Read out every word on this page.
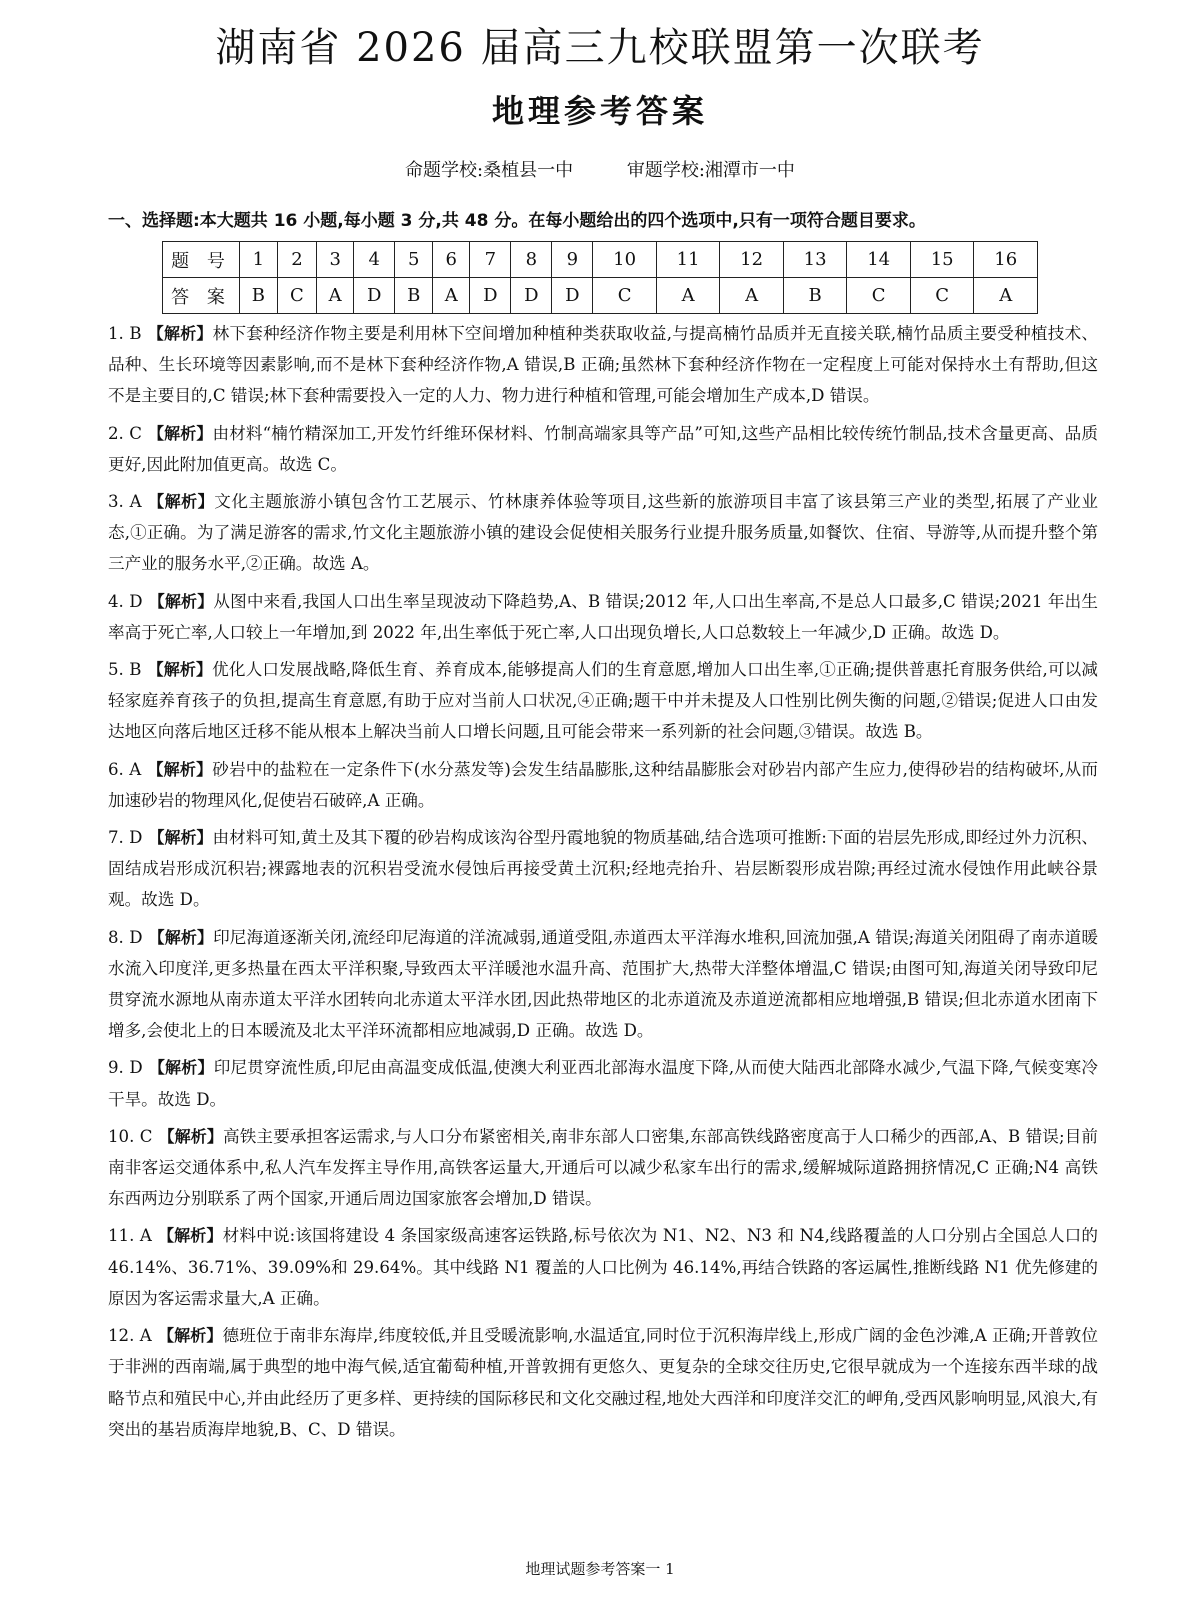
湖南省 2026 届高三九校联盟第一次联考
地理参考答案
命题学校:桑植县一中	审题学校:湘潭市一中
一、选择题:本大题共 16 小题,每小题 3 分,共 48 分。在每小题给出的四个选项中,只有一项符合题目要求。
题 号	1	2	3	4	5	6	7	8	9	10	11	12	13	14	15	16
答 案	B	C	A	D	B	A	D	D	D	C	A	A	B	C	C	A

1. B 【解析】林下套种经济作物主要是利用林下空间增加种植种类获取收益,与提高楠竹品质并无直接关联,楠竹品质主要受种植技术、品种、生长环境等因素影响,而不是林下套种经济作物,A 错误,B 正确;虽然林下套种经济作物在一定程度上可能对保持水土有帮助,但这不是主要目的,C 错误;林下套种需要投入一定的人力、物力进行种植和管理,可能会增加生产成本,D 错误。

2. C 【解析】由材料“楠竹精深加工,开发竹纤维环保材料、竹制高端家具等产品”可知,这些产品相比较传统竹制品,技术含量更高、品质更好,因此附加值更高。故选 C。

3. A 【解析】文化主题旅游小镇包含竹工艺展示、竹林康养体验等项目,这些新的旅游项目丰富了该县第三产业的类型,拓展了产业业态,①正确。为了满足游客的需求,竹文化主题旅游小镇的建设会促使相关服务行业提升服务质量,如餐饮、住宿、导游等,从而提升整个第三产业的服务水平,②正确。故选 A。

4. D 【解析】从图中来看,我国人口出生率呈现波动下降趋势,A、B 错误;2012 年,人口出生率高,不是总人口最多,C 错误;2021 年出生率高于死亡率,人口较上一年增加,到 2022 年,出生率低于死亡率,人口出现负增长,人口总数较上一年减少,D 正确。故选 D。

5. B 【解析】优化人口发展战略,降低生育、养育成本,能够提高人们的生育意愿,增加人口出生率,①正确;提供普惠托育服务供给,可以减轻家庭养育孩子的负担,提高生育意愿,有助于应对当前人口状况,④正确;题干中并未提及人口性别比例失衡的问题,②错误;促进人口由发达地区向落后地区迁移不能从根本上解决当前人口增长问题,且可能会带来一系列新的社会问题,③错误。故选 B。

6. A 【解析】砂岩中的盐粒在一定条件下(水分蒸发等)会发生结晶膨胀,这种结晶膨胀会对砂岩内部产生应力,使得砂岩的结构破坏,从而加速砂岩的物理风化,促使岩石破碎,A 正确。

7. D 【解析】由材料可知,黄土及其下覆的砂岩构成该沟谷型丹霞地貌的物质基础,结合选项可推断:下面的岩层先形成,即经过外力沉积、固结成岩形成沉积岩;裸露地表的沉积岩受流水侵蚀后再接受黄土沉积;经地壳抬升、岩层断裂形成岩隙;再经过流水侵蚀作用此峡谷景观。故选 D。

8. D 【解析】印尼海道逐渐关闭,流经印尼海道的洋流减弱,通道受阻,赤道西太平洋海水堆积,回流加强,A 错误;海道关闭阻碍了南赤道暖水流入印度洋,更多热量在西太平洋积聚,导致西太平洋暖池水温升高、范围扩大,热带大洋整体增温,C 错误;由图可知,海道关闭导致印尼贯穿流水源地从南赤道太平洋水团转向北赤道太平洋水团,因此热带地区的北赤道流及赤道逆流都相应地增强,B 错误;但北赤道水团南下增多,会使北上的日本暖流及北太平洋环流都相应地减弱,D 正确。故选 D。

9. D 【解析】印尼贯穿流性质,印尼由高温变成低温,使澳大利亚西北部海水温度下降,从而使大陆西北部降水减少,气温下降,气候变寒冷干旱。故选 D。

10. C 【解析】高铁主要承担客运需求,与人口分布紧密相关,南非东部人口密集,东部高铁线路密度高于人口稀少的西部,A、B 错误;目前南非客运交通体系中,私人汽车发挥主导作用,高铁客运量大,开通后可以减少私家车出行的需求,缓解城际道路拥挤情况,C 正确;N4 高铁东西两边分别联系了两个国家,开通后周边国家旅客会增加,D 错误。

11. A 【解析】材料中说:该国将建设 4 条国家级高速客运铁路,标号依次为 N1、N2、N3 和 N4,线路覆盖的人口分别占全国总人口的 46.14%、36.71%、39.09%和 29.64%。其中线路 N1 覆盖的人口比例为 46.14%,再结合铁路的客运属性,推断线路 N1 优先修建的原因为客运需求量大,A 正确。

12. A 【解析】德班位于南非东海岸,纬度较低,并且受暖流影响,水温适宜,同时位于沉积海岸线上,形成广阔的金色沙滩,A 正确;开普敦位于非洲的西南端,属于典型的地中海气候,适宜葡萄种植,开普敦拥有更悠久、更复杂的全球交往历史,它很早就成为一个连接东西半球的战略节点和殖民中心,并由此经历了更多样、更持续的国际移民和文化交融过程,地处大西洋和印度洋交汇的岬角,受西风影响明显,风浪大,有突出的基岩质海岸地貌,B、C、D 错误。

地理试题参考答案一 1
